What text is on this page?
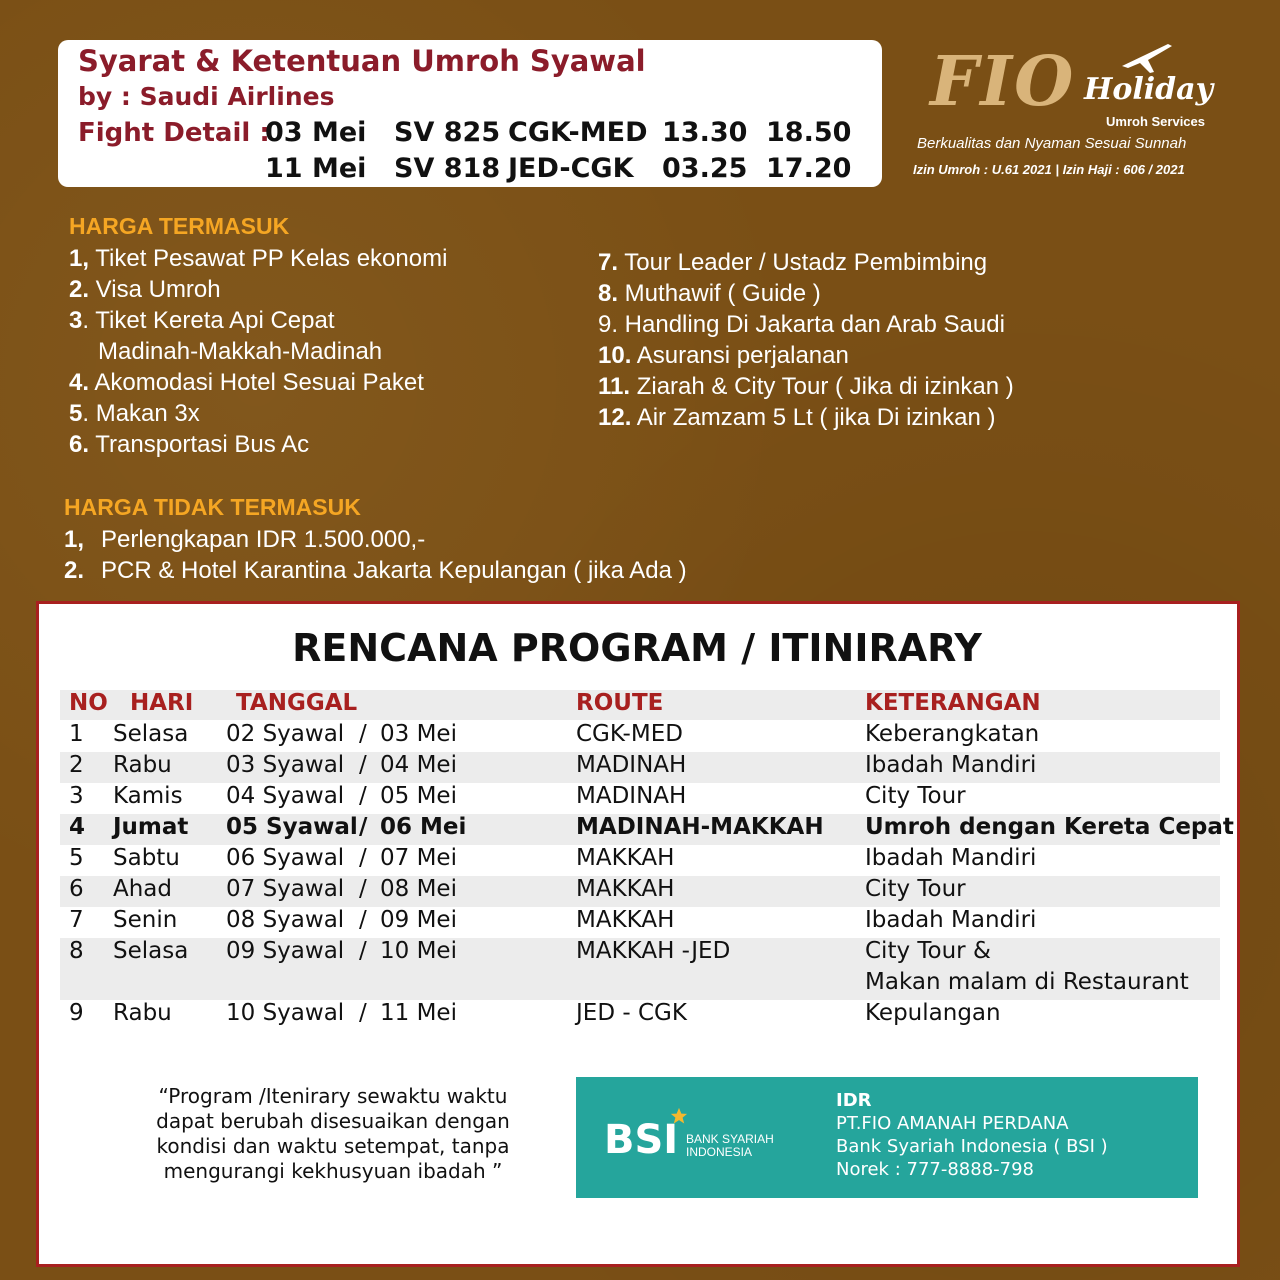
Syarat & Ketentuan Umroh Syawal
by : Saudi Airlines
Fight Detail :
03 Mei SV 825 CGK-MED 13.30 18.50
11 Mei SV 818 JED-CGK 03.25 17.20
FIO Holiday
Umroh Services
Berkualitas dan Nyaman Sesuai Sunnah
Izin Umroh : U.61 2021 | Izin Haji : 606 / 2021
HARGA TERMASUK
1, Tiket Pesawat PP Kelas ekonomi
2. Visa Umroh
3. Tiket Kereta Api Cepat
Madinah-Makkah-Madinah
4. Akomodasi Hotel Sesuai Paket
5. Makan 3x
6. Transportasi Bus Ac
7. Tour Leader / Ustadz Pembimbing
8. Muthawif ( Guide )
9. Handling Di Jakarta dan Arab Saudi
10. Asuransi perjalanan
11. Ziarah & City Tour ( Jika di izinkan )
12. Air Zamzam 5 Lt ( jika Di izinkan )
HARGA TIDAK TERMASUK
1, Perlengkapan IDR 1.500.000,-
2. PCR & Hotel Karantina Jakarta Kepulangan ( jika Ada )
RENCANA PROGRAM / ITINIRARY
NO HARI TANGGAL	ROUTE	KETERANGAN
1 Selasa 02 Syawal / 03 Mei	CGK-MED	Keberangkatan
2 Rabu 03 Syawal / 04 Mei	MADINAH	Ibadah Mandiri
3 Kamis 04 Syawal / 05 Mei	MADINAH	City Tour
4 Jumat 05 Syawal / 06 Mei	MADINAH-MAKKAH Umroh dengan Kereta Cepat
5 Sabtu 06 Syawal / 07 Mei	MAKKAH	Ibadah Mandiri
6 Ahad 07 Syawal / 08 Mei	MAKKAH	City Tour
7 Senin 08 Syawal / 09 Mei	MAKKAH	Ibadah Mandiri
8 Selasa 09 Syawal / 10 Mei	MAKKAH -JED	City Tour &
Makan malam di Restaurant
9 Rabu 10 Syawal / 11 Mei	JED - CGK	Kepulangan
“Program /Itenirary sewaktu waktu
dapat berubah disesuaikan dengan
kondisi dan waktu setempat, tanpa
mengurangi kekhusyuan ibadah ”
BSI BANK SYARIAH
INDONESIA
IDR
PT.FIO AMANAH PERDANA
Bank Syariah Indonesia ( BSI )
Norek : 777-8888-798
